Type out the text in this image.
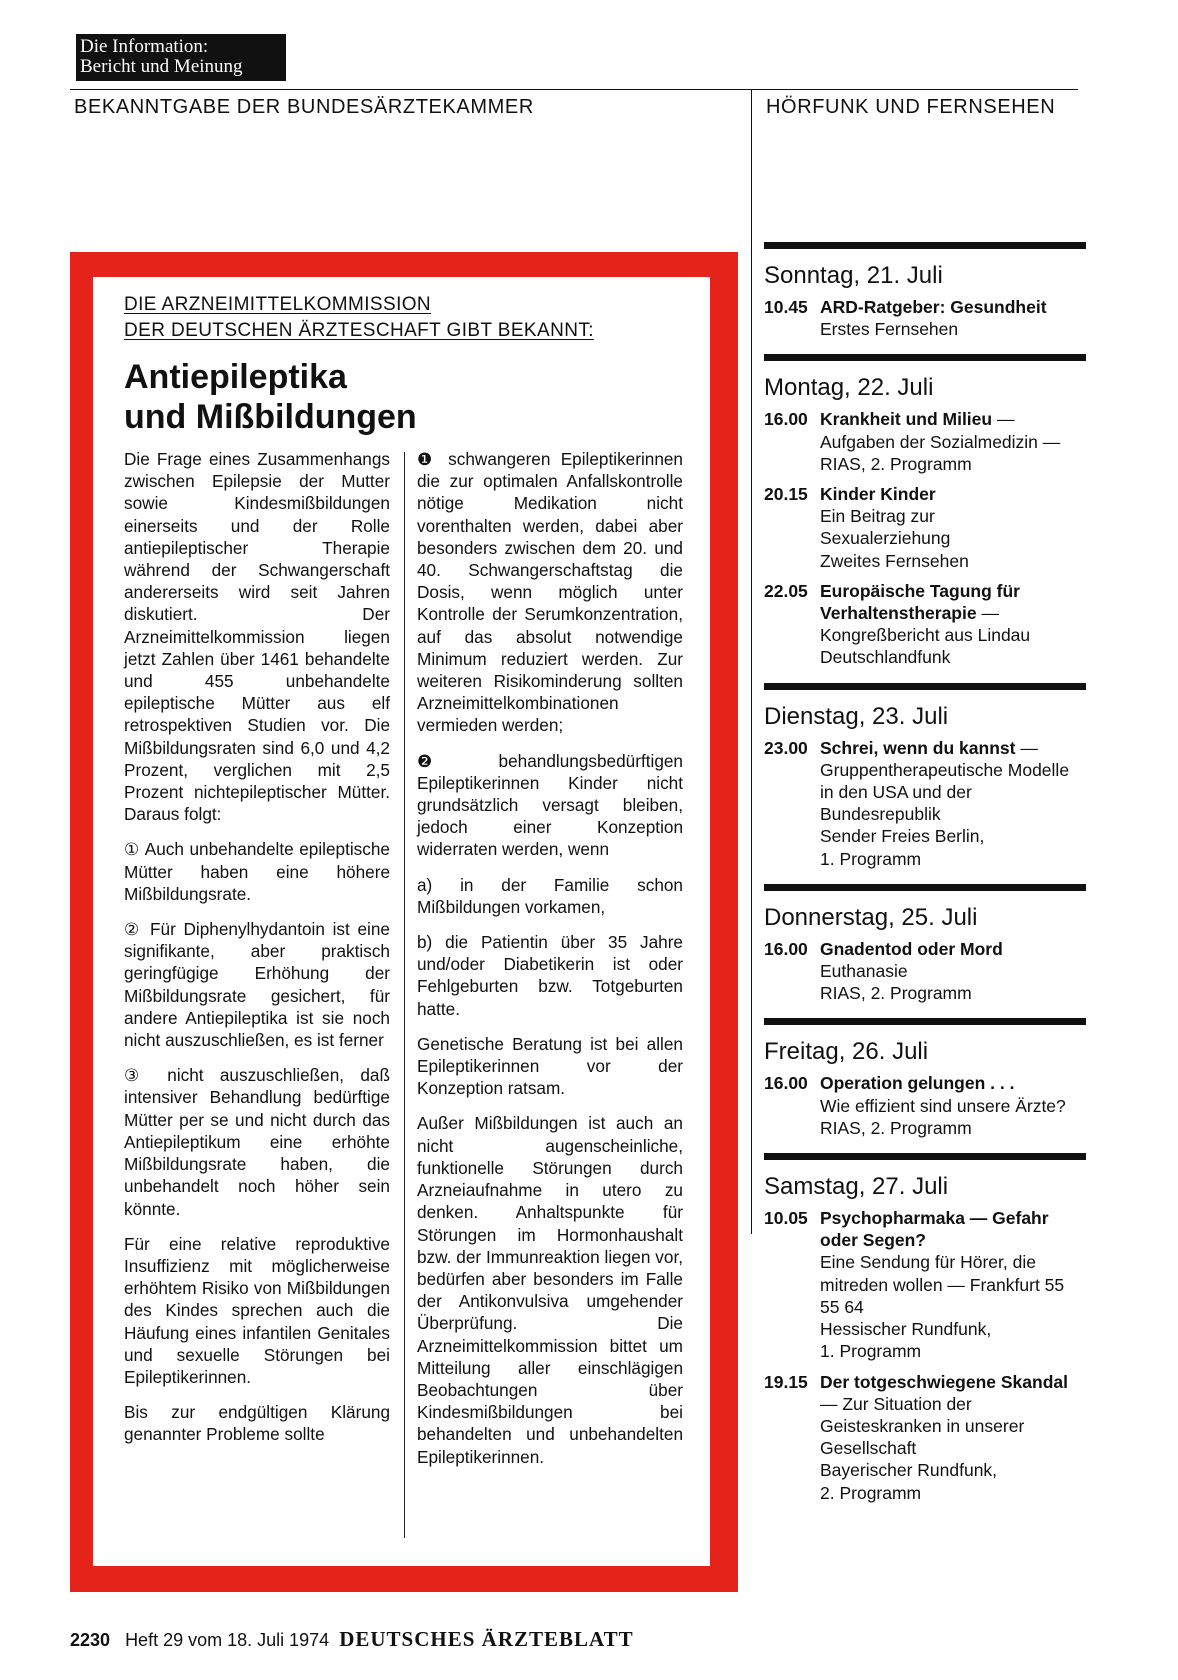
Die Information:
Bericht und Meinung
BEKANNTGABE DER BUNDESÄRZTEKAMMER	HÖRFUNK UND FERNSEHEN
DIE ARZNEIMITTELKOMMISSION
DER DEUTSCHEN ÄRZTESCHAFT GIBT BEKANNT:
Antiepileptika
und Mißbildungen

Die Frage eines Zusammenhangs zwischen Epilepsie der Mutter sowie Kindesmißbildungen einerseits und der Rolle antiepileptischer Therapie während der Schwangerschaft andererseits wird seit Jahren diskutiert. Der Arzneimittelkommission liegen jetzt Zahlen über 1461 behandelte und 455 unbehandelte epileptische Mütter aus elf retrospektiven Studien vor. Die Mißbildungsraten sind 6,0 und 4,2 Prozent, verglichen mit 2,5 Prozent nichtepileptischer Mütter. Daraus folgt:

① Auch unbehandelte epileptische Mütter haben eine höhere Mißbildungsrate.

② Für Diphenylhydantoin ist eine signifikante, aber praktisch geringfügige Erhöhung der Mißbildungsrate gesichert, für andere Antiepileptika ist sie noch nicht auszuschließen, es ist ferner

③ nicht auszuschließen, daß intensiver Behandlung bedürftige Mütter per se und nicht durch das Antiepileptikum eine erhöhte Mißbildungsrate haben, die unbehandelt noch höher sein könnte.

Für eine relative reproduktive Insuffizienz mit möglicherweise erhöhtem Risiko von Mißbildungen des Kindes sprechen auch die Häufung eines infantilen Genitales und sexuelle Störungen bei Epileptikerinnen.

Bis zur endgültigen Klärung genannter Probleme sollte

❶ schwangeren Epileptikerinnen die zur optimalen Anfallskontrolle nötige Medikation nicht vorenthalten werden, dabei aber besonders zwischen dem 20. und 40. Schwangerschaftstag die Dosis, wenn möglich unter Kontrolle der Serumkonzentration, auf das absolut notwendige Minimum reduziert werden. Zur weiteren Risikominderung sollten Arzneimittelkombinationen vermieden werden;

❷ behandlungsbedürftigen Epileptikerinnen Kinder nicht grundsätzlich versagt bleiben, jedoch einer Konzeption widerraten werden, wenn

a) in der Familie schon Mißbildungen vorkamen,

b) die Patientin über 35 Jahre und/oder Diabetikerin ist oder Fehlgeburten bzw. Totgeburten hatte.

Genetische Beratung ist bei allen Epileptikerinnen vor der Konzeption ratsam.

Außer Mißbildungen ist auch an nicht augenscheinliche, funktionelle Störungen durch Arzneiaufnahme in utero zu denken. Anhaltspunkte für Störungen im Hormonhaushalt bzw. der Immunreaktion liegen vor, bedürfen aber besonders im Falle der Antikonvulsiva umgehender Überprüfung. Die Arzneimittelkommission bittet um Mitteilung aller einschlägigen Beobachtungen über Kindesmißbildungen bei behandelten und unbehandelten Epileptikerinnen.

Sonntag, 21. Juli
10.45 ARD-Ratgeber: Gesundheit
Erstes Fernsehen
Montag, 22. Juli
16.00 Krankheit und Milieu — Aufgaben der Sozialmedizin —
RIAS, 2. Programm
20.15 Kinder Kinder
Ein Beitrag zur
Sexualerziehung
Zweites Fernsehen
22.05 Europäische Tagung für Verhaltenstherapie —
Kongreßbericht aus Lindau
Deutschlandfunk
Dienstag, 23. Juli
23.00 Schrei, wenn du kannst —
Gruppentherapeutische Modelle in den USA und der Bundesrepublik
Sender Freies Berlin,
1. Programm
Donnerstag, 25. Juli
16.00 Gnadentod oder Mord
Euthanasie
RIAS, 2. Programm
Freitag, 26. Juli
16.00 Operation gelungen . . .
Wie effizient sind unsere Ärzte?
RIAS, 2. Programm
Samstag, 27. Juli
10.05 Psychopharmaka — Gefahr oder Segen?
Eine Sendung für Hörer, die mitreden wollen — Frankfurt 55 55 64
Hessischer Rundfunk,
1. Programm
19.15 Der totgeschwiegene Skandal — Zur Situation der Geisteskranken in unserer Gesellschaft
Bayerischer Rundfunk,
2. Programm
2230 Heft 29 vom 18. Juli 1974 DEUTSCHES ÄRZTEBLATT
